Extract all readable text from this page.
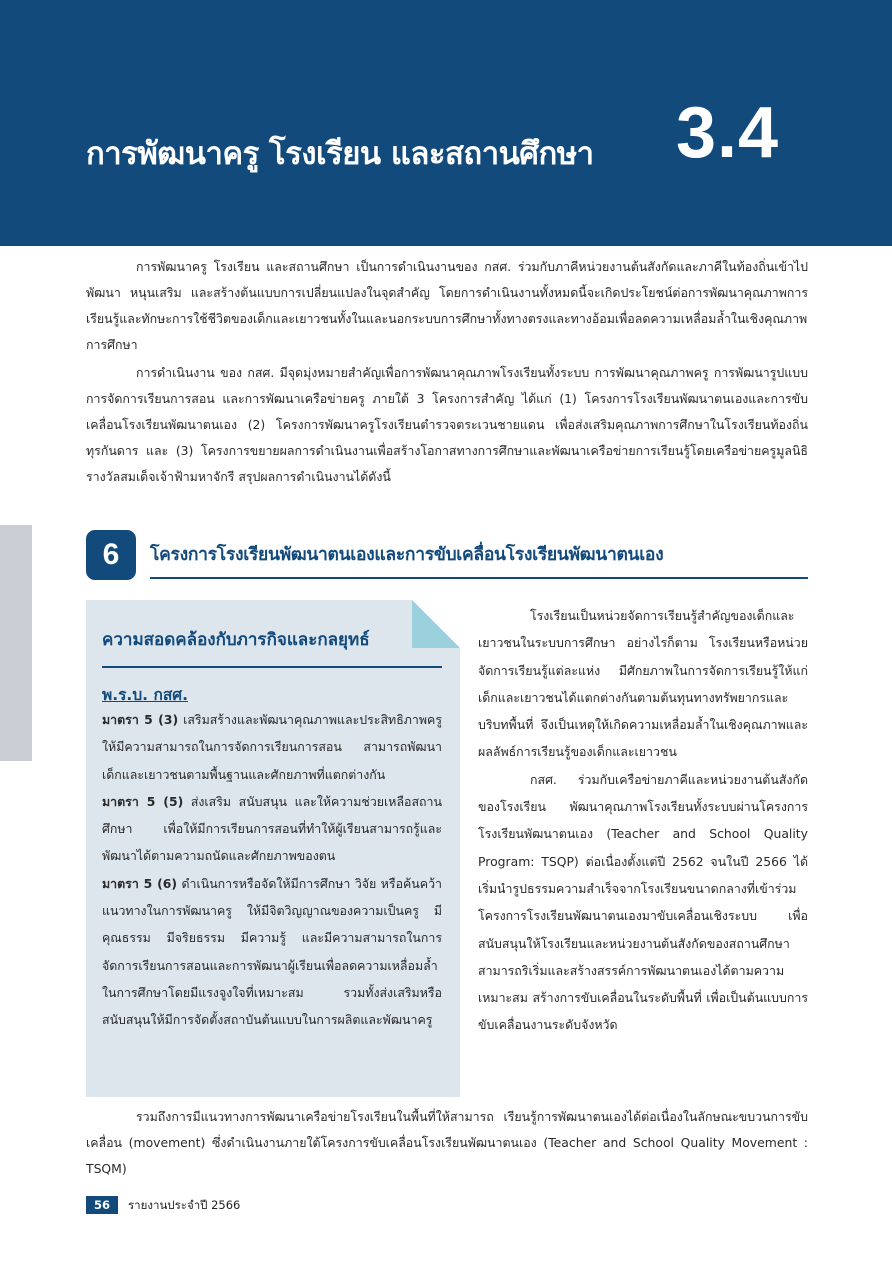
การพัฒนาครู โรงเรียน และสถานศึกษา 3.4

การพัฒนาครู โรงเรียน และสถานศึกษา เป็นการดำเนินงานของ กสศ. ร่วมกับภาคีหน่วยงานต้นสังกัดและภาคีในท้องถิ่นเข้าไปพัฒนา หนุนเสริม และสร้างต้นแบบการเปลี่ยนแปลงในจุดสำคัญ โดยการดำเนินงานทั้งหมดนี้จะเกิดประโยชน์ต่อการพัฒนาคุณภาพการเรียนรู้และทักษะการใช้ชีวิตของเด็กและเยาวชนทั้งในและนอกระบบการศึกษาทั้งทางตรงและทางอ้อมเพื่อลดความเหลื่อมล้ำในเชิงคุณภาพการศึกษา

การดำเนินงาน ของ กสศ. มีจุดมุ่งหมายสำคัญเพื่อการพัฒนาคุณภาพโรงเรียนทั้งระบบ การพัฒนาคุณภาพครู การพัฒนารูปแบบการจัดการเรียนการสอน และการพัฒนาเครือข่ายครู ภายใต้ 3 โครงการสำคัญ ได้แก่ (1) โครงการโรงเรียนพัฒนาตนเองและการขับเคลื่อนโรงเรียนพัฒนาตนเอง (2) โครงการพัฒนาครูโรงเรียนตำรวจตระเวนชายแดน เพื่อส่งเสริมคุณภาพการศึกษาในโรงเรียนท้องถิ่นทุรกันดาร และ (3) โครงการขยายผลการดำเนินงานเพื่อสร้างโอกาสทางการศึกษาและพัฒนาเครือข่ายการเรียนรู้โดยเครือข่ายครูมูลนิธิรางวัลสมเด็จเจ้าฟ้ามหาจักรี สรุปผลการดำเนินงานได้ดังนี้

6	โครงการโรงเรียนพัฒนาตนเองและการขับเคลื่อนโรงเรียนพัฒนาตนเอง
ความสอดคล้องกับภารกิจและกลยุทธ์
พ.ร.บ. กสศ.

มาตรา 5 (3) เสริมสร้างและพัฒนาคุณภาพและประสิทธิภาพครูให้มีความสามารถในการจัดการเรียนการสอน สามารถพัฒนาเด็กและเยาวชนตามพื้นฐานและศักยภาพที่แตกต่างกัน

มาตรา 5 (5) ส่งเสริม สนับสนุน และให้ความช่วยเหลือสถานศึกษา เพื่อให้มีการเรียนการสอนที่ทำให้ผู้เรียนสามารถรู้และพัฒนาได้ตามความถนัดและศักยภาพของตน

มาตรา 5 (6) ดำเนินการหรือจัดให้มีการศึกษา วิจัย หรือค้นคว้าแนวทางในการพัฒนาครู ให้มีจิตวิญญาณของความเป็นครู มีคุณธรรม มีจริยธรรม มีความรู้ และมีความสามารถในการจัดการเรียนการสอนและการพัฒนาผู้เรียนเพื่อลดความเหลื่อมล้ำในการศึกษาโดยมีแรงจูงใจที่เหมาะสม รวมทั้งส่งเสริมหรือสนับสนุนให้มีการจัดตั้งสถาบันต้นแบบในการผลิตและพัฒนาครู

โรงเรียนเป็นหน่วยจัดการเรียนรู้สำคัญของเด็กและเยาวชนในระบบการศึกษา อย่างไรก็ตาม โรงเรียนหรือหน่วยจัดการเรียนรู้แต่ละแห่ง มีศักยภาพในการจัดการเรียนรู้ให้แก่เด็กและเยาวชนได้แตกต่างกันตามต้นทุนทางทรัพยากรและบริบทพื้นที่ จึงเป็นเหตุให้เกิดความเหลื่อมล้ำในเชิงคุณภาพและผลลัพธ์การเรียนรู้ของเด็กและเยาวชน

กสศ. ร่วมกับเครือข่ายภาคีและหน่วยงานต้นสังกัดของโรงเรียน พัฒนาคุณภาพโรงเรียนทั้งระบบผ่านโครงการโรงเรียนพัฒนาตนเอง (Teacher and School Quality Program: TSQP) ต่อเนื่องตั้งแต่ปี 2562 จนในปี 2566 ได้เริ่มนำรูปธรรมความสำเร็จจากโรงเรียนขนาดกลางที่เข้าร่วมโครงการโรงเรียนพัฒนาตนเองมาขับเคลื่อนเชิงระบบ เพื่อสนับสนุนให้โรงเรียนและหน่วยงานต้นสังกัดของสถานศึกษาสามารถริเริ่มและสร้างสรรค์การพัฒนาตนเองได้ตามความเหมาะสม สร้างการขับเคลื่อนในระดับพื้นที่ เพื่อเป็นต้นแบบการขับเคลื่อนงานระดับจังหวัด

รวมถึงการมีแนวทางการพัฒนาเครือข่ายโรงเรียนในพื้นที่ให้สามารถ เรียนรู้การพัฒนาตนเองได้ต่อเนื่องในลักษณะขบวนการขับเคลื่อน (movement) ซึ่งดำเนินงานภายใต้โครงการขับเคลื่อนโรงเรียนพัฒนาตนเอง (Teacher and School Quality Movement : TSQM)

56	รายงานประจำปี 2566
